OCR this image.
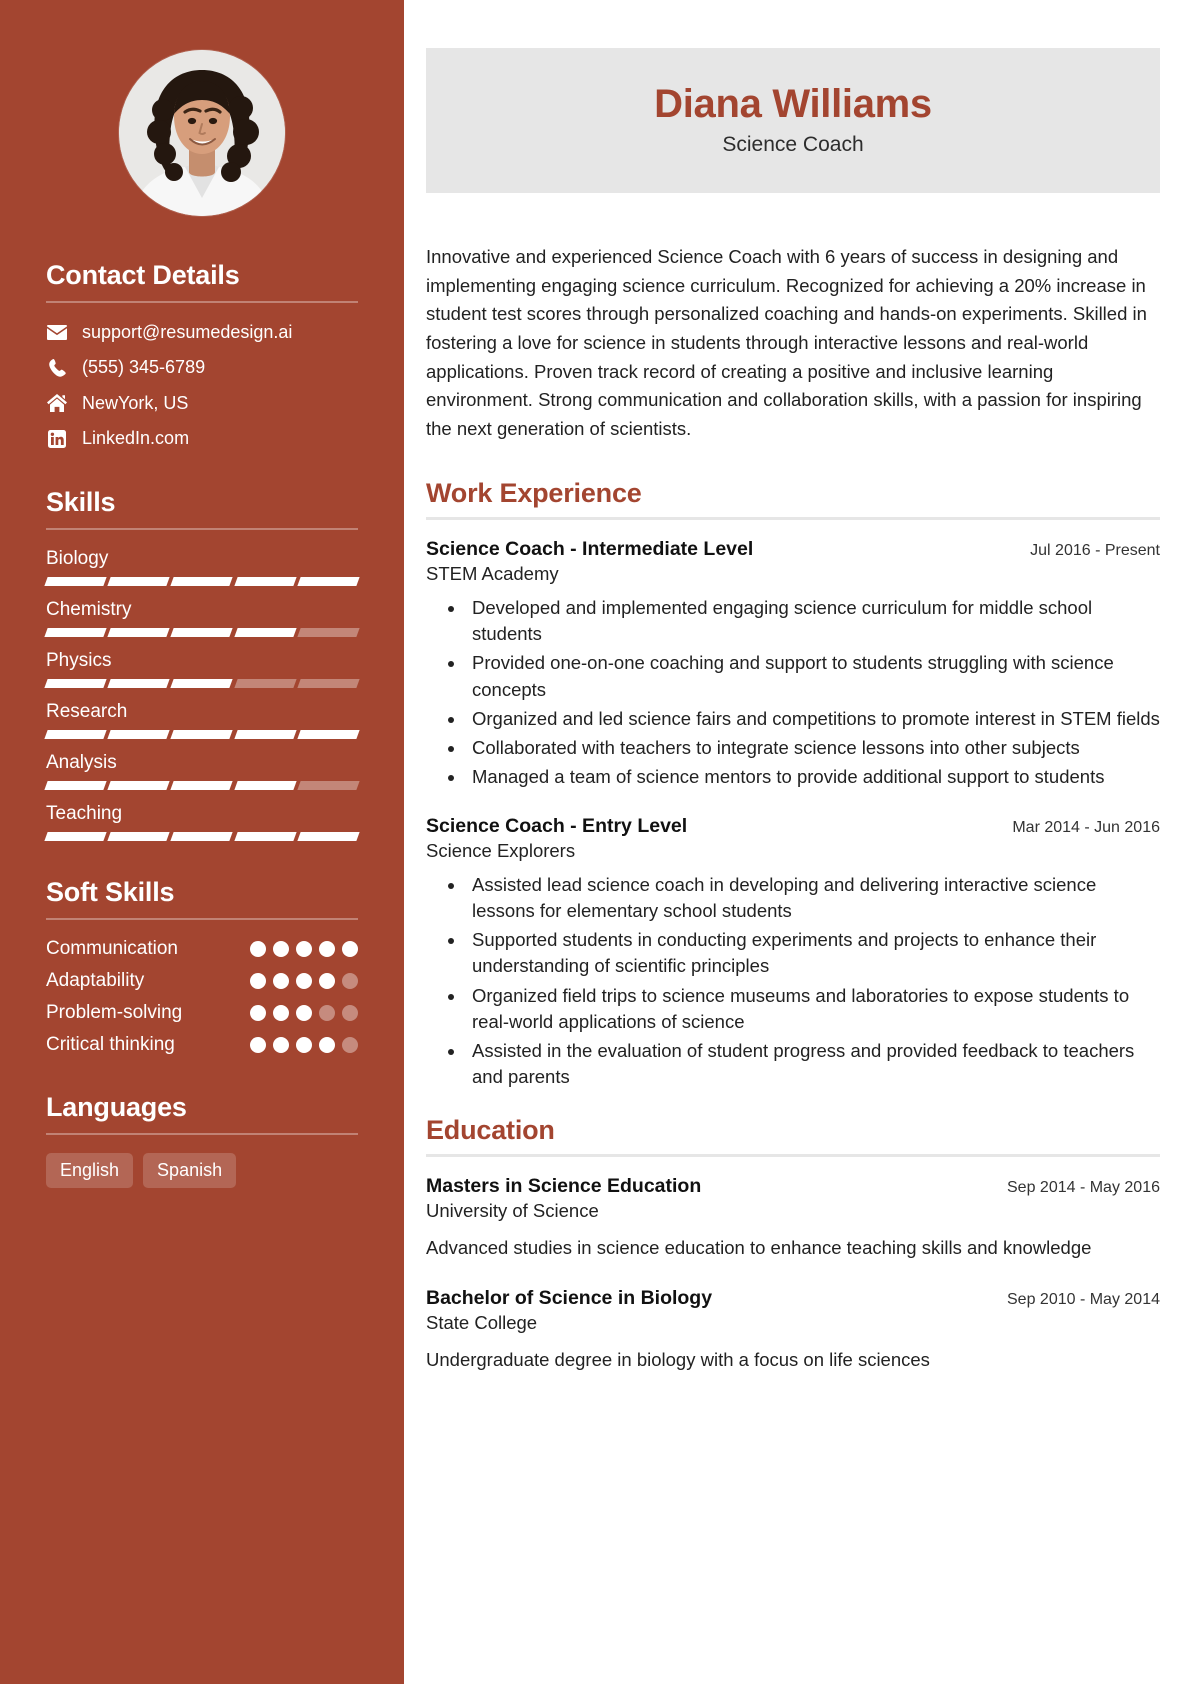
Contact Details
support@resumedesign.ai
(555) 345-6789
NewYork, US
LinkedIn.com
Skills
Biology
Chemistry
Physics
Research
Analysis
Teaching
Soft Skills
Communication
Adaptability
Problem-solving
Critical thinking
Languages
English	Spanish
Diana Williams
Science Coach

Innovative and experienced Science Coach with 6 years of success in designing and implementing engaging science curriculum. Recognized for achieving a 20% increase in student test scores through personalized coaching and hands-on experiments. Skilled in fostering a love for science in students through interactive lessons and real-world applications. Proven track record of creating a positive and inclusive learning environment. Strong communication and collaboration skills, with a passion for inspiring the next generation of scientists.

Work Experience
Science Coach - Intermediate Level	Jul 2016 - Present
STEM Academy
• Developed and implemented engaging science curriculum for middle school students
• Provided one-on-one coaching and support to students struggling with science concepts
• Organized and led science fairs and competitions to promote interest in STEM fields
• Collaborated with teachers to integrate science lessons into other subjects
• Managed a team of science mentors to provide additional support to students
Science Coach - Entry Level	Mar 2014 - Jun 2016
Science Explorers
• Assisted lead science coach in developing and delivering interactive science lessons for elementary school students
• Supported students in conducting experiments and projects to enhance their understanding of scientific principles
• Organized field trips to science museums and laboratories to expose students to real-world applications of science
• Assisted in the evaluation of student progress and provided feedback to teachers and parents
Education
Masters in Science Education	Sep 2014 - May 2016
University of Science
Advanced studies in science education to enhance teaching skills and knowledge
Bachelor of Science in Biology	Sep 2010 - May 2014
State College
Undergraduate degree in biology with a focus on life sciences
